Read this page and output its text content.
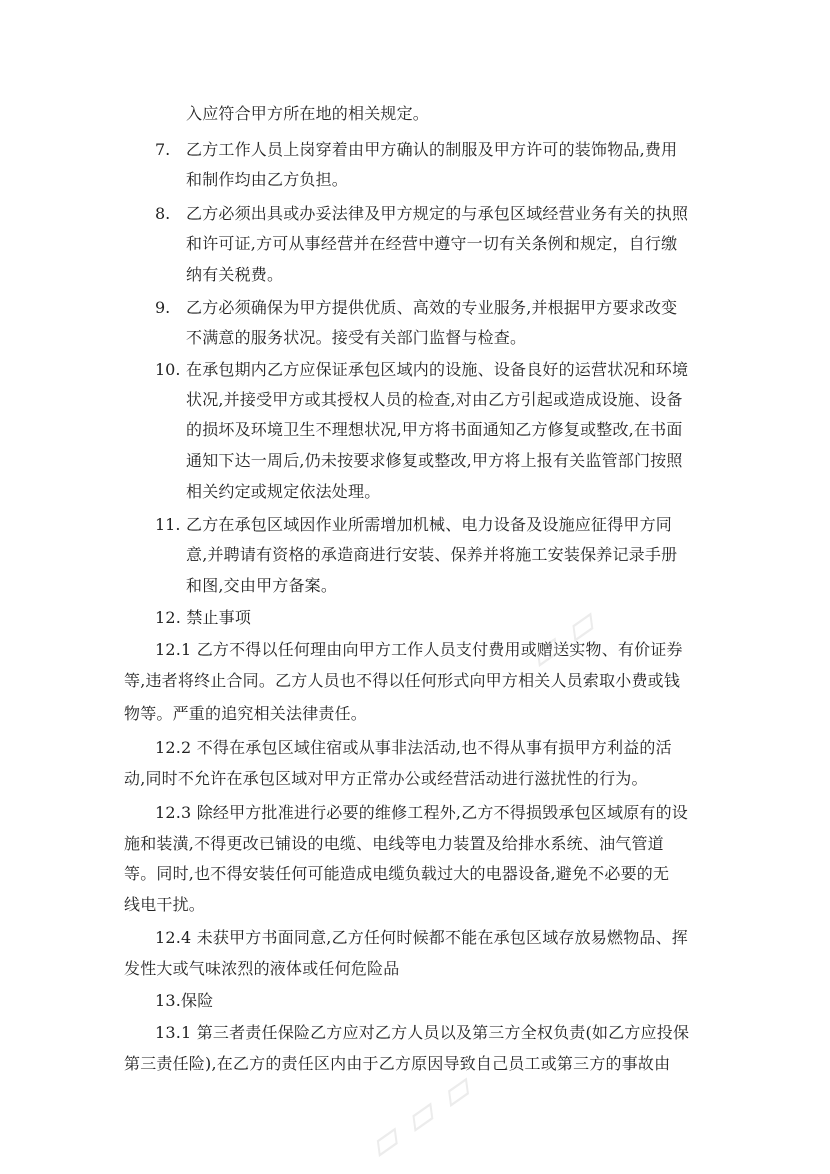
入应符合甲方所在地的相关规定。
7. 乙方工作人员上岗穿着由甲方确认的制服及甲方许可的装饰物品,费用
和制作均由乙方负担。
8. 乙方必须出具或办妥法律及甲方规定的与承包区域经营业务有关的执照
和许可证,方可从事经营并在经营中遵守一切有关条例和规定，自行缴
纳有关税费。
9. 乙方必须确保为甲方提供优质、高效的专业服务,并根据甲方要求改变
不满意的服务状况。接受有关部门监督与检查。
10. 在承包期内乙方应保证承包区域内的设施、设备良好的运营状况和环境
状况,并接受甲方或其授权人员的检查,对由乙方引起或造成设施、设备
的损坏及环境卫生不理想状况,甲方将书面通知乙方修复或整改,在书面
通知下达一周后,仍未按要求修复或整改,甲方将上报有关监管部门按照
相关约定或规定依法处理。
11. 乙方在承包区域因作业所需增加机械、电力设备及设施应征得甲方同
意,并聘请有资格的承造商进行安装、保养并将施工安装保养记录手册
和图,交由甲方备案。
12. 禁止事项
12.1 乙方不得以任何理由向甲方工作人员支付费用或赠送实物、有价证券
等,违者将终止合同。乙方人员也不得以任何形式向甲方相关人员索取小费或钱
物等。严重的追究相关法律责任。
12.2 不得在承包区域住宿或从事非法活动,也不得从事有损甲方利益的活
动,同时不允许在承包区域对甲方正常办公或经营活动进行滋扰性的行为。
12.3 除经甲方批准进行必要的维修工程外,乙方不得损毁承包区域原有的设
施和装潢,不得更改已铺设的电缆、电线等电力装置及给排水系统、油气管道
等。同时,也不得安装任何可能造成电缆负载过大的电器设备,避免不必要的无
线电干扰。
12.4 未获甲方书面同意,乙方任何时候都不能在承包区域存放易燃物品、挥
发性大或气味浓烈的液体或任何危险品
13.保险
13.1 第三者责任保险乙方应对乙方人员以及第三方全权负责(如乙方应投保
第三责任险),在乙方的责任区内由于乙方原因导致自己员工或第三方的事故由
▱ ▱
▱ ▱ ▱
